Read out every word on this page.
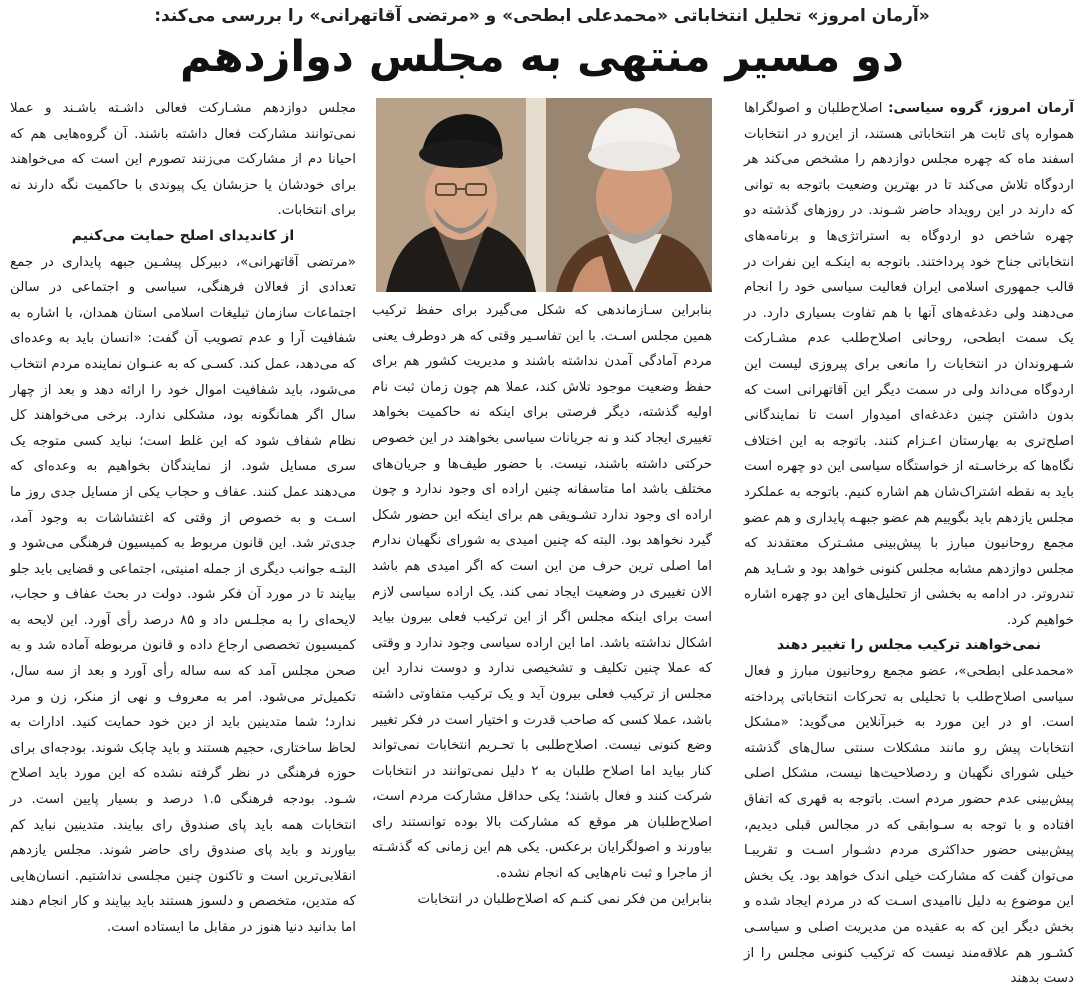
«آرمان امروز» تحلیل انتخاباتی «محمدعلی ابطحی» و «مرتضی آقاتهرانی» را بررسی می‌کند:
دو مسیر منتهی به مجلس دوازدهم

آرمان امروز، گروه سیاسی: اصلاح‌طلبان و اصولگراها همواره پای ثابت هر انتخاباتی هستند، از این‌رو در انتخابات اسفند ماه که چهره مجلس دوازدهم را مشخص می‌کند هر اردوگاه تلاش می‌کند تا در بهترین وضعیت باتوجه به توانی که دارند در این رویداد حاضر شـوند. در روزهای گذشته دو چهره شاخص دو اردوگاه به استراتژی‌ها و برنامه‌های انتخاباتی جناح خود پرداختند. باتوجه به اینکـه این نفرات در قالب جمهوری اسلامی ایران فعالیت سیاسی خود را انجام می‌دهند ولی دغدغه‌های آنها با هم تفاوت بسیاری دارد. در یک سمت ابطحی، روحانی اصلاح‌طلب عدم مشـارکت شـهروندان در انتخابات را مانعی برای پیروزی لیست این اردوگاه می‌داند ولی در سمت دیگر این آقاتهرانی است که بدون داشتن چنین دغدغه‌ای امیدوار است تا نمایندگانی اصلح‌تری به بهارستان اعـزام کنند. باتوجه به این اختلاف نگاه‌ها که برخاسـته از خواستگاه سیاسی این دو چهره است باید به نقطه اشتراک‌شان هم اشاره کنیم. باتوجه به عملکرد مجلس یازدهم باید بگوییم هم عضو جبهـه پایداری و هم عضو مجمع روحانیون مبارز با پیش‌بینی مشـترک معتقدند که مجلس دوازدهم مشابه مجلس کنونی خواهد بود و شـاید هم تندروتر. در ادامه به بخشی از تحلیل‌های این دو چهره اشاره خواهیم کرد.

نمی‌خواهند ترکیب مجلس را تغییر دهند

«محمدعلی ابطحی»، عضو مجمع روحانیون مبارز و فعال سیاسی اصلاح‌طلب با تحلیلی به تحرکات انتخاباتی پرداخته است. او در این مورد به خبرآنلاین می‌گوید: «مشکل انتخابات پیش رو مانند مشکلات سنتی سال‌های گذشته خیلی شورای نگهبان و ردصلاحیت‌ها نیست، مشکل اصلی پیش‌بینی عدم حضور مردم است. باتوجه به قهری که اتفاق افتاده و با توجه به سـوابقی که در مجالس قبلی دیدیم، پیش‌بینی حضور حداکثری مردم دشـوار اسـت و تقریبـا می‌توان گفت که مشارکت خیلی اندک خواهد بود. یک بخش این موضوع به دلیل ناامیدی اسـت که در مردم ایجاد شده و بخش دیگر این که به عقیده من مدیریت اصلی و سیاسـی کشـور هم علاقه‌مند نیست که ترکیب کنونی مجلس را از دست بدهند

بنابراین سـازماندهی که شکل می‌گیرد برای حفظ ترکیب همین مجلس اسـت. با این تفاسـیر وقتی که هر دوطرف یعنی مردم آمادگی آمدن نداشته باشند و مدیریت کشور هم برای حفظ وضعیت موجود تلاش کند، عملا هم چون زمان ثبت نام اولیه گذشته، دیگر فرصتی برای اینکه نه حاکمیت بخواهد تغییری ایجاد کند و نه جریانات سیاسی بخواهند در این خصوص حرکتی داشته باشند، نیست. با حضور طیف‌ها و جریان‌های مختلف باشد اما متاسفانه چنین اراده ای وجود ندارد و چون اراده ای وجود ندارد تشـویقی هم برای اینکه این حضور شکل گیرد نخواهد بود. البته که چنین امیدی به شورای نگهبان ندارم اما اصلی ترین حرف من این است که اگر امیدی هم باشد الان تغییری در وضعیت ایجاد نمی کند. یک اراده سیاسی لازم است برای اینکه مجلس اگر از این ترکیب فعلی بیرون بیاید اشکال نداشته باشد. اما این اراده سیاسی وجود ندارد و وقتی که عملا چنین تکلیف و تشخیصی ندارد و دوست ندارد این مجلس از ترکیب فعلی بیرون آید و یک ترکیب متفاوتی داشته باشد، عملا کسی که صاحب قدرت و اختیار است در فکر تغییر وضع کنونی نیست. اصلاح‌طلبی با تحـریم انتخابات نمی‌تواند کنار بیاید اما اصلاح طلبان به ۲ دلیل نمی‌توانند در انتخابات شرکت کنند و فعال باشند؛ یکی حداقل مشارکت مردم است، اصلاح‌طلبان هر موقع که مشارکت بالا بوده توانستند رای بیاورند و اصولگرایان برعکس. یکی هم این زمانی که گذشـته از ماجرا و ثبت نام‌هایی که انجام نشده.

بنابراین من فکر نمی کنـم که اصلاح‌طلبان در انتخابات

مجلس دوازدهم مشـارکت فعالی داشـته باشـند و عملا نمی‌توانند مشارکت فعال داشته باشند. آن گروه‌هایی هم که احیانا دم از مشارکت می‌زنند تصورم این است که می‌خواهند برای خودشان یا حزبشان یک پیوندی با حاکمیت نگه دارند نه برای انتخابات.

از کاندیدای اصلح حمایت می‌کنیم

«مرتضی آقاتهرانی»، دبیرکل پیشـین جبهه پایداری در جمع تعدادی از فعالان فرهنگی، سیاسی و اجتماعی در سالن اجتماعات سازمان تبلیغات اسلامی استان همدان، با اشاره به شفافیت آرا و عدم تصویب آن گفت: «انسان باید به وعده‌ای که می‌دهد، عمل کند. کسـی که به عنـوان نماینده مردم انتخاب می‌شود، باید شفافیت اموال خود را ارائه دهد و بعد از چهار سال اگر همانگونه بود، مشکلی ندارد. برخی می‌خواهند کل نظام شفاف شود که این غلط است؛ نباید کسی متوجه یک سری مسایل شود. از نمایندگان بخواهیم به وعده‌ای که می‌دهند عمل کنند. عفاف و حجاب یکی از مسایل جدی روز ما اسـت و به خصوص از وقتی که اغتشاشات به وجود آمد، جدی‌تر شد. این قانون مربوط به کمیسیون فرهنگی می‌شود و البتـه جوانب دیگری از جمله امنیتی، اجتماعی و قضایی باید جلو بیایند تا در مورد آن فکر شود. دولت در بحث عفاف و حجاب، لایحه‌ای را به مجلـس داد و ۸۵ درصد رأی آورد. این لایحه به کمیسیون تخصصی ارجاع داده و قانون مربوطه آماده شد و به صحن مجلس آمد که سه ساله رأی آورد و بعد از سه سال، تکمیل‌تر می‌شود. امر به معروف و نهی از منکر، زن و مرد ندارد؛ شما متدینین باید از دین خود حمایت کنید. ادارات به لحاظ ساختاری، حجیم هستند و باید چابک شوند. بودجه‌ای برای حوزه فرهنگی در نظر گرفته نشده که این مورد باید اصلاح شـود. بودجه فرهنگی ۱.۵ درصد و بسیار پایین است. در انتخابات همه باید پای صندوق رای بیایند. متدینین نباید کم بیاورند و باید پای صندوق رای حاضر شوند. مجلس یازدهم انقلابی‌ترین است و تاکنون چنین مجلسی نداشتیم. انسان‌هایی که متدین، متخصص و دلسوز هستند باید بیایند و کار انجام دهند اما بدانید دنیا هنوز در مقابل ما ایستاده است.
